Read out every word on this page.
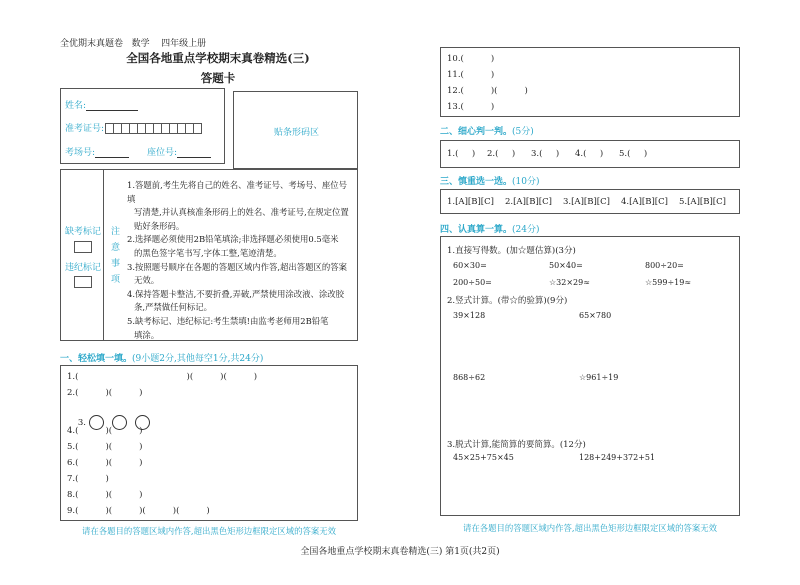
全优期末真题卷 数学 四年级上册
全国各地重点学校期末真卷精选(三)
答题卡
姓名:
准考证号:
考场号:	座位号:
贴条形码区
缺考标记
违纪标记
注
意
事
项
1.答题前,考生先将自己的姓名、准考证号、考场号、座位号填
写清楚,并认真核准条形码上的姓名、准考证号,在规定位置
贴好条形码。
2.选择题必须使用2B铅笔填涂;非选择题必须使用0.5毫米
的黑色签字笔书写,字体工整,笔迹清楚。
3.按照题号顺序在各题的答题区域内作答,超出答题区的答案
无效。
4.保持答题卡整洁,不要折叠,弄破,严禁使用涂改液、涂改胶
条,严禁做任何标记。
5.缺考标记、违纪标记:考生禁填!由监考老师用2B铅笔
填涂。
一、轻松填一填。(9小题2分,其他每空1分,共24分)
1.(                                        )(          )(          )
2.(          )(          )

3.

4.(          )(          )
5.(          )(          )
6.(          )(          )
7.(          )
8.(          )(          )
9.(          )(          )(          )(          )
请在各题目的答题区域内作答,超出黑色矩形边框限定区域的答案无效
10.(          )
11.(          )
12.(          )(          )
13.(          )
二、细心判一判。(5分)
1.(     ) 2.(     ) 3.(     ) 4.(     ) 5.(     )
三、慎重选一选。(10分)
1.[A][B][C] 2.[A][B][C] 3.[A][B][C] 4.[A][B][C] 5.[A][B][C]
四、认真算一算。(24分)
1.直接写得数。(加☆题估算)(3分)
60×30=	50×40=	800÷20=
200÷50=	☆32×29≈	☆599÷19≈
2.竖式计算。(带☆的验算)(9分)
39×128	65×780
868÷62	☆961÷19
3.脱式计算,能简算的要简算。(12分)
45×25+75×45	128+249+372+51
请在各题目的答题区域内作答,超出黑色矩形边框限定区域的答案无效
全国各地重点学校期末真卷精选(三) 第1页(共2页)
